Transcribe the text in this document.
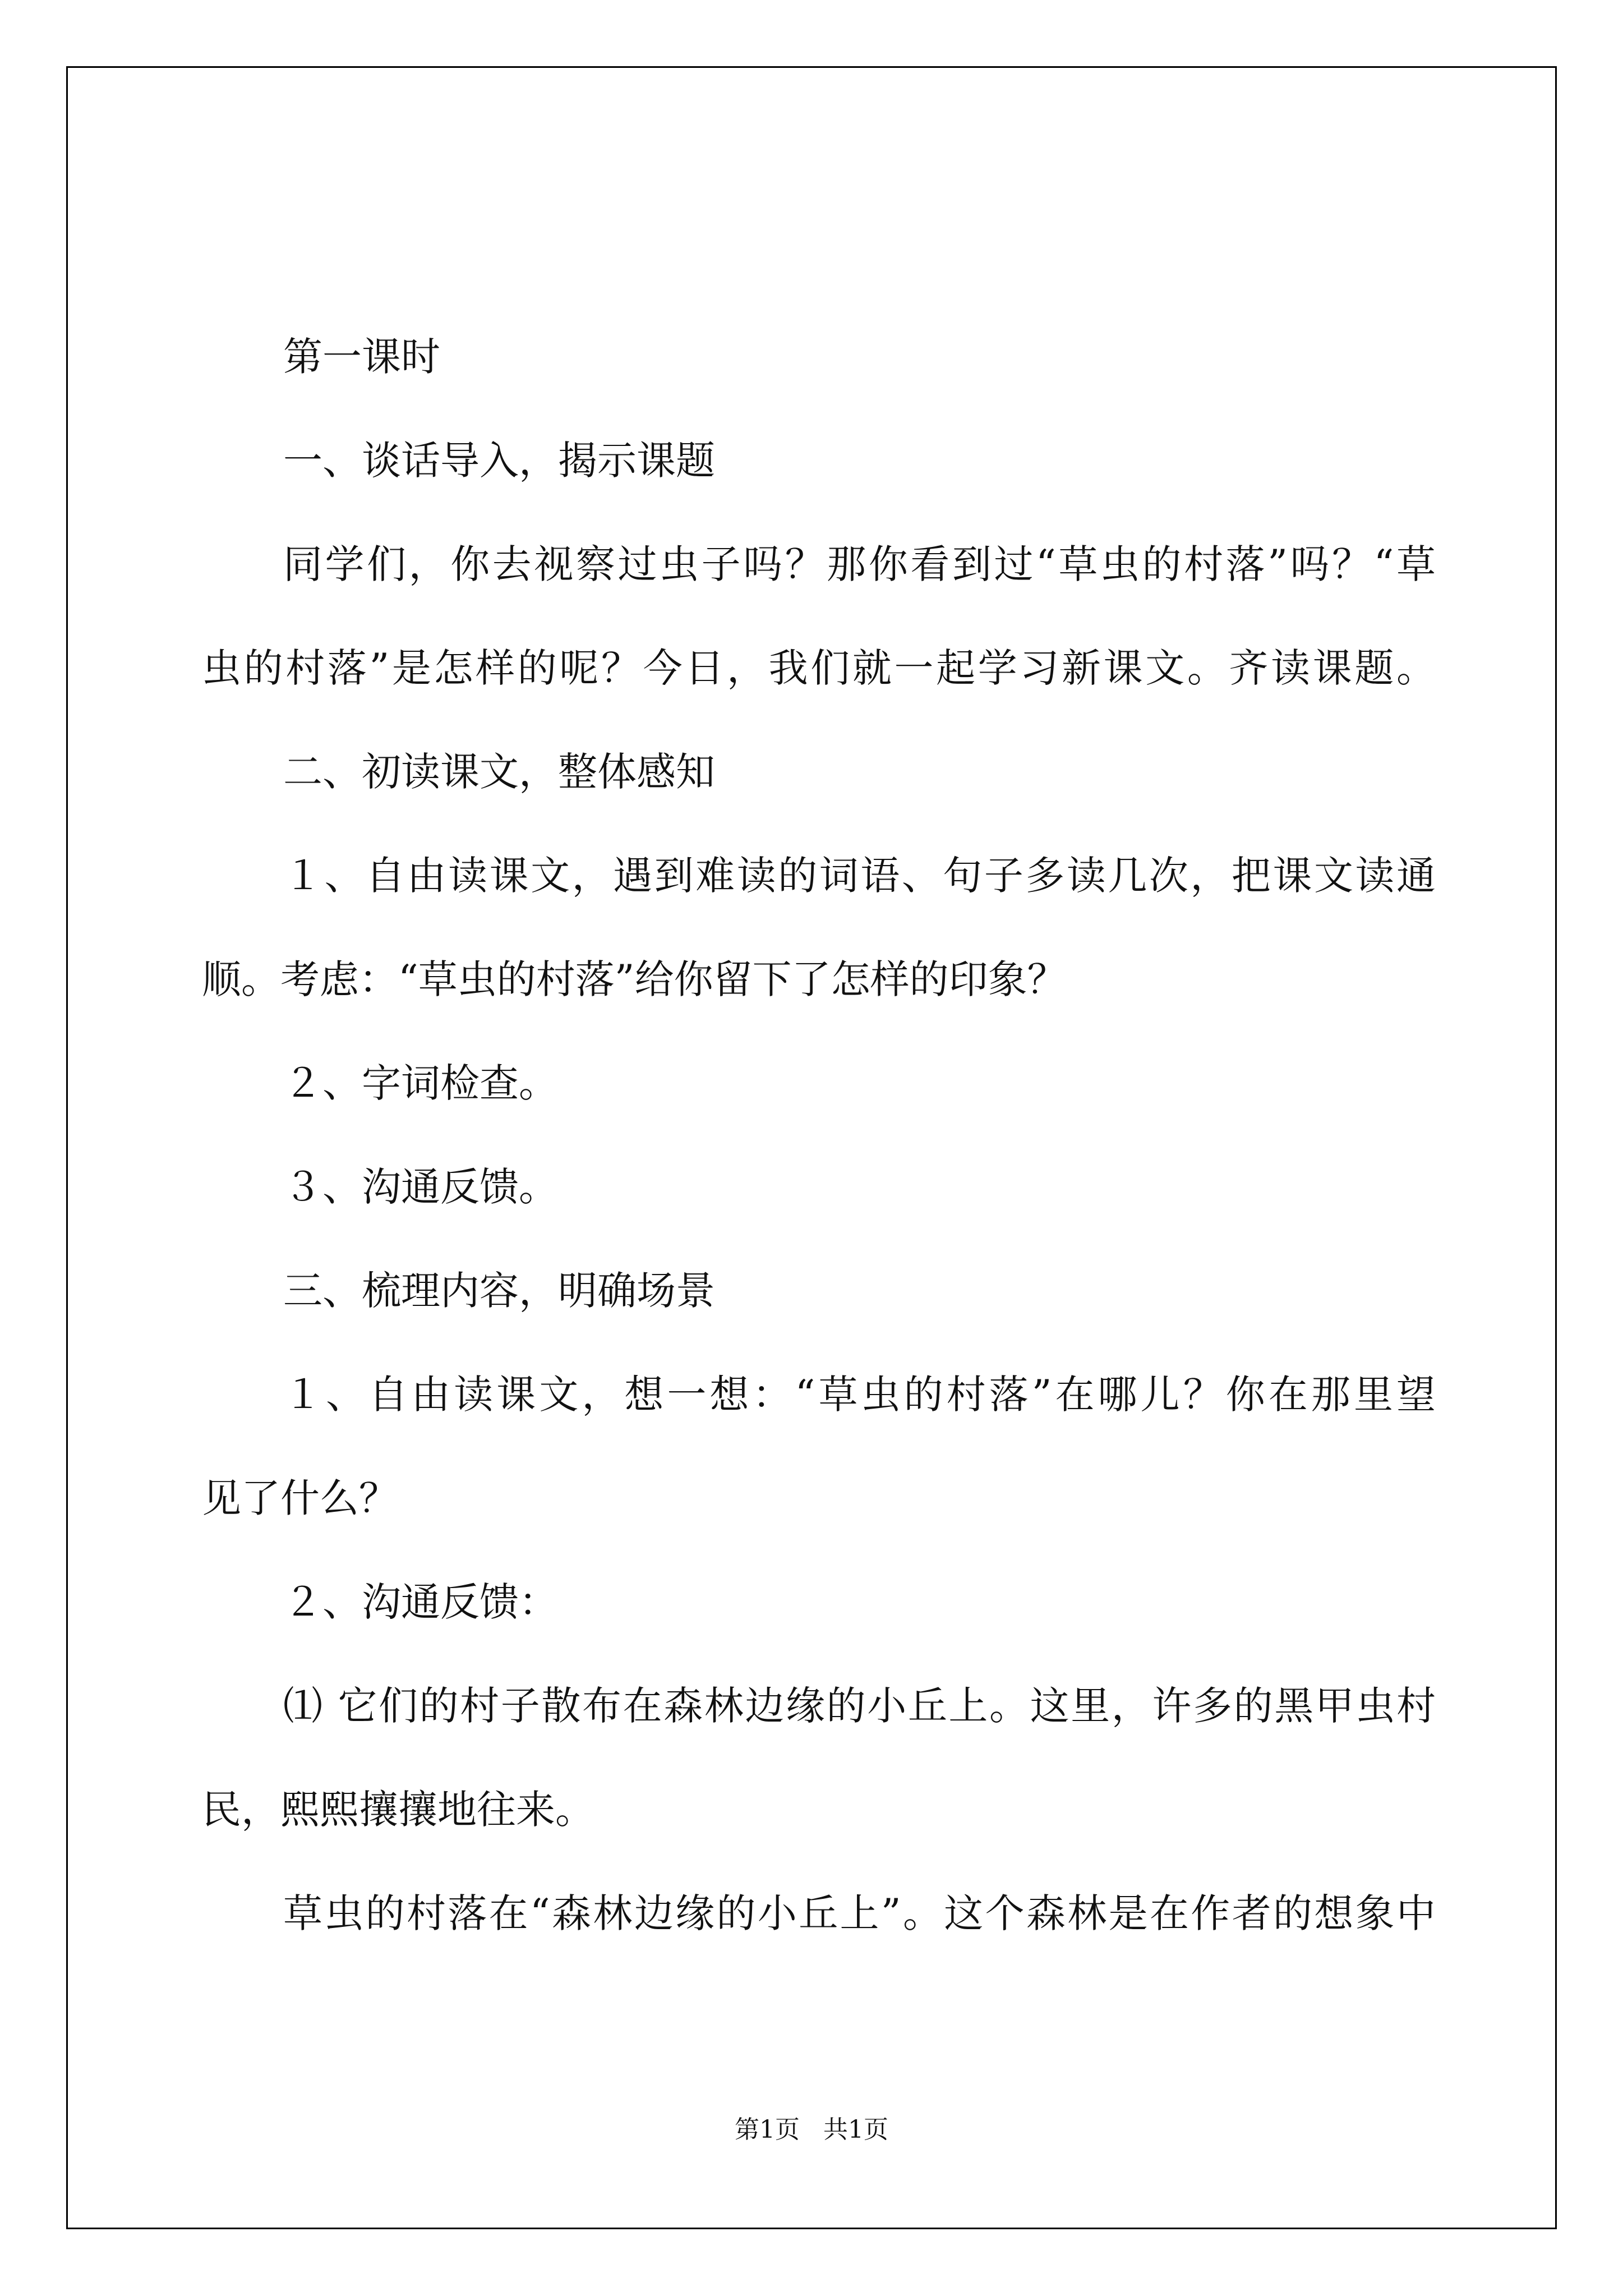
第一课时
一、谈话导入，揭示课题
同学们，你去视察过虫子吗？那你看到过“草虫的村落”吗？“草
虫的村落”是怎样的呢？今日，我们就一起学习新课文。齐读课题。
二、初读课文，整体感知
１、自由读课文，遇到难读的词语、句子多读几次，把课文读通
顺。考虑：“草虫的村落”给你留下了怎样的印象？
２、字词检查。
３、沟通反馈。
三、梳理内容，明确场景
１、自由读课文，想一想：“草虫的村落”在哪儿？你在那里望
见了什么？
２、沟通反馈：
⑴ 它们的村子散布在森林边缘的小丘上。这里，许多的黑甲虫村
民，熙熙攘攘地往来。
草虫的村落在“森林边缘的小丘上”。这个森林是在作者的想象中
第1页 共1页
